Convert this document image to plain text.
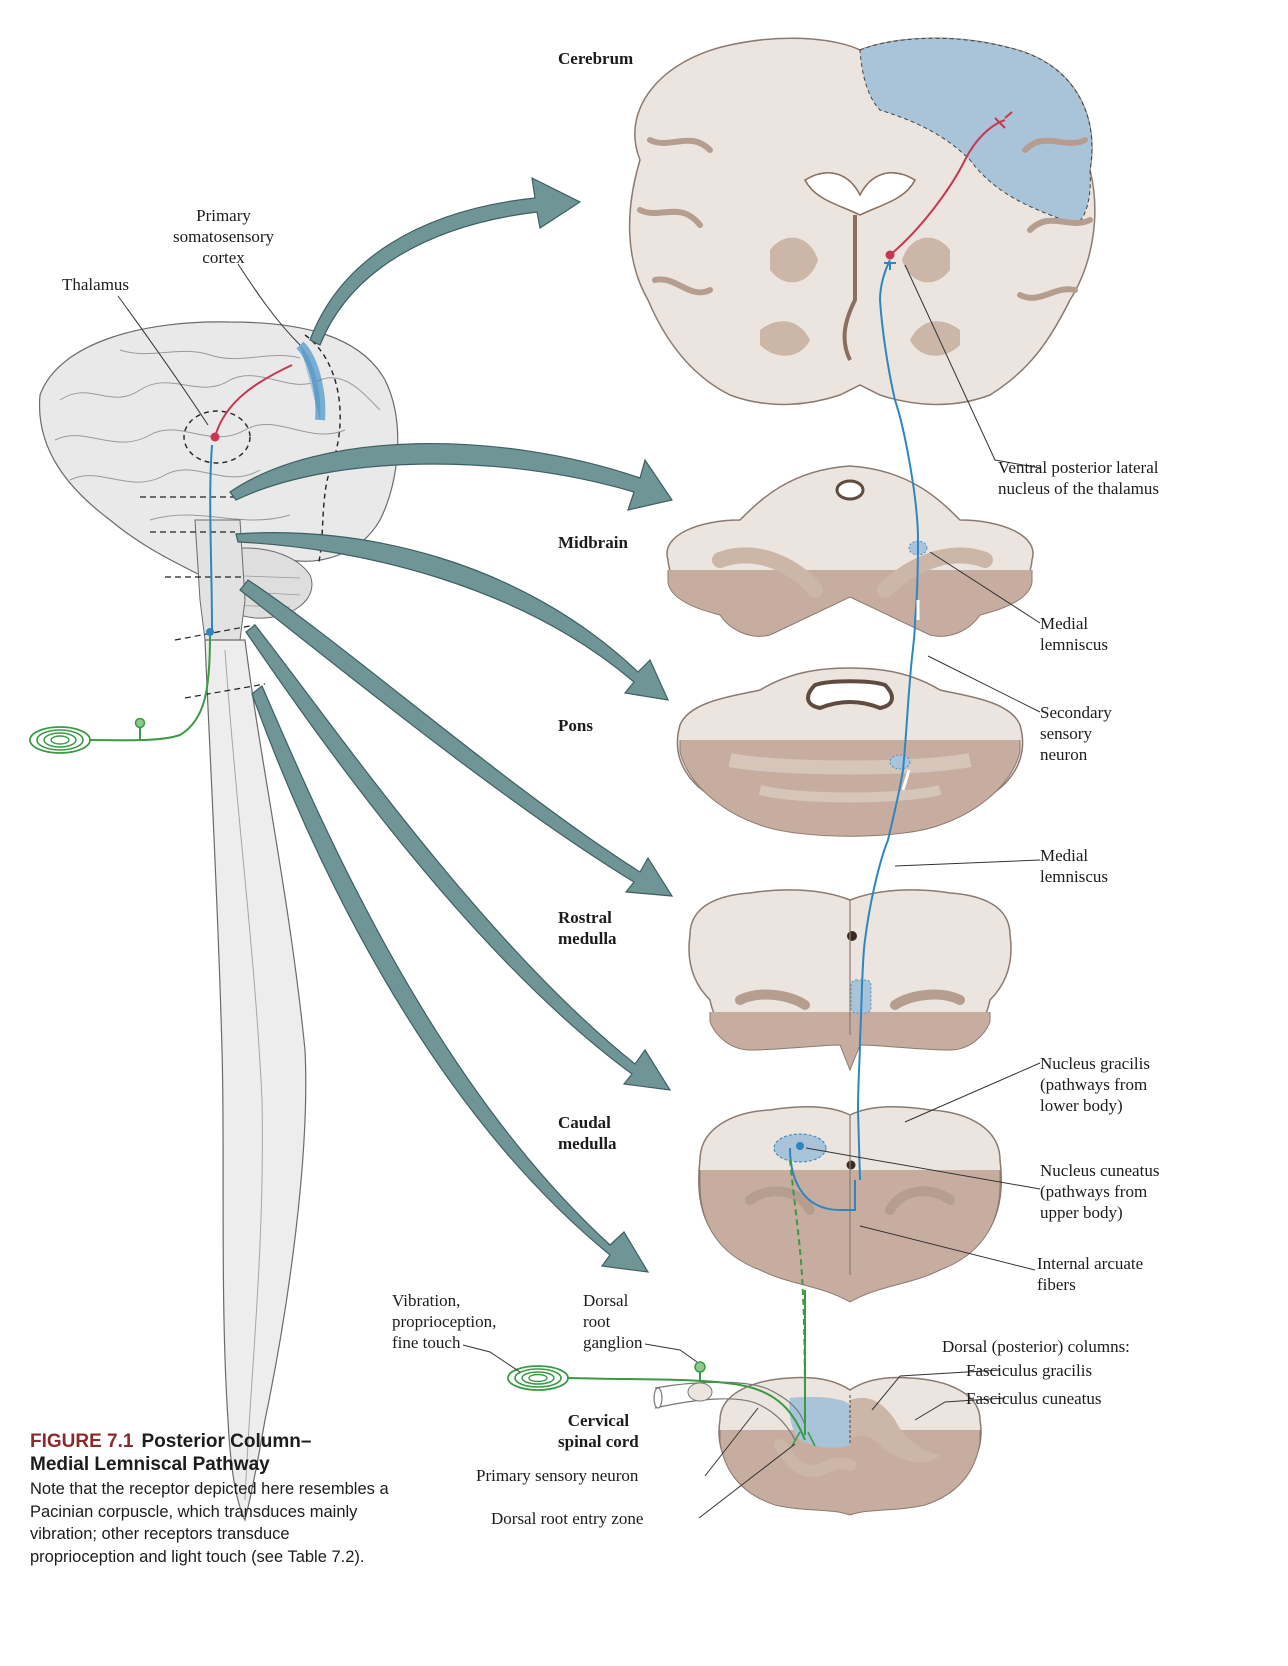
Cerebrum
Midbrain
Pons
Rostral
medulla
Caudal
medulla
Cervical
spinal cord
Primary
somatosensory
cortex
Thalamus
Ventral posterior lateral
nucleus of the thalamus
Medial
lemniscus
Secondary
sensory
neuron
Medial
lemniscus
Nucleus gracilis
(pathways from
lower body)
Nucleus cuneatus
(pathways from
upper body)
Internal arcuate
fibers
Vibration,
proprioception,
fine touch
Dorsal
root
ganglion	Dorsal (posterior) columns:
Fasciculus gracilis
Fasciculus cuneatus
Primary sensory neuron
Dorsal root entry zone
FIGURE 7.1 Posterior Column–
Medial Lemniscal Pathway
Note that the receptor depicted here resembles a Pacinian corpuscle, which transduces mainly vibration; other receptors transduce proprioception and light touch (see Table 7.2).
